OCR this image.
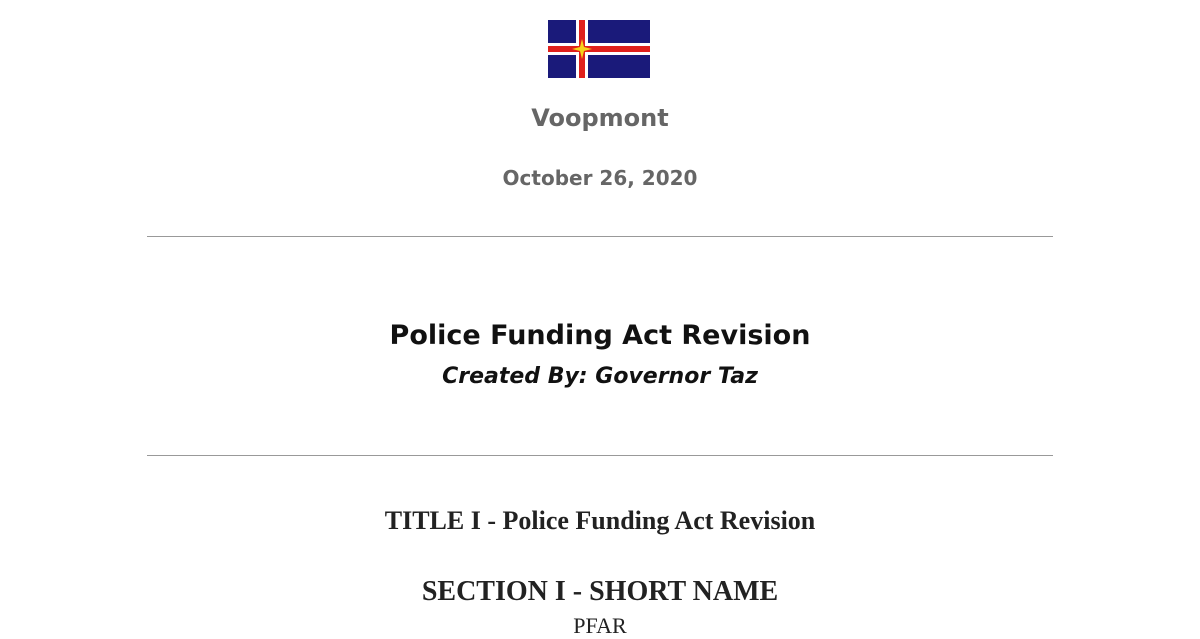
Voopmont
October 26, 2020
Police Funding Act Revision
Created By: Governor Taz
TITLE I - Police Funding Act Revision
SECTION I - SHORT NAME
PFAR
